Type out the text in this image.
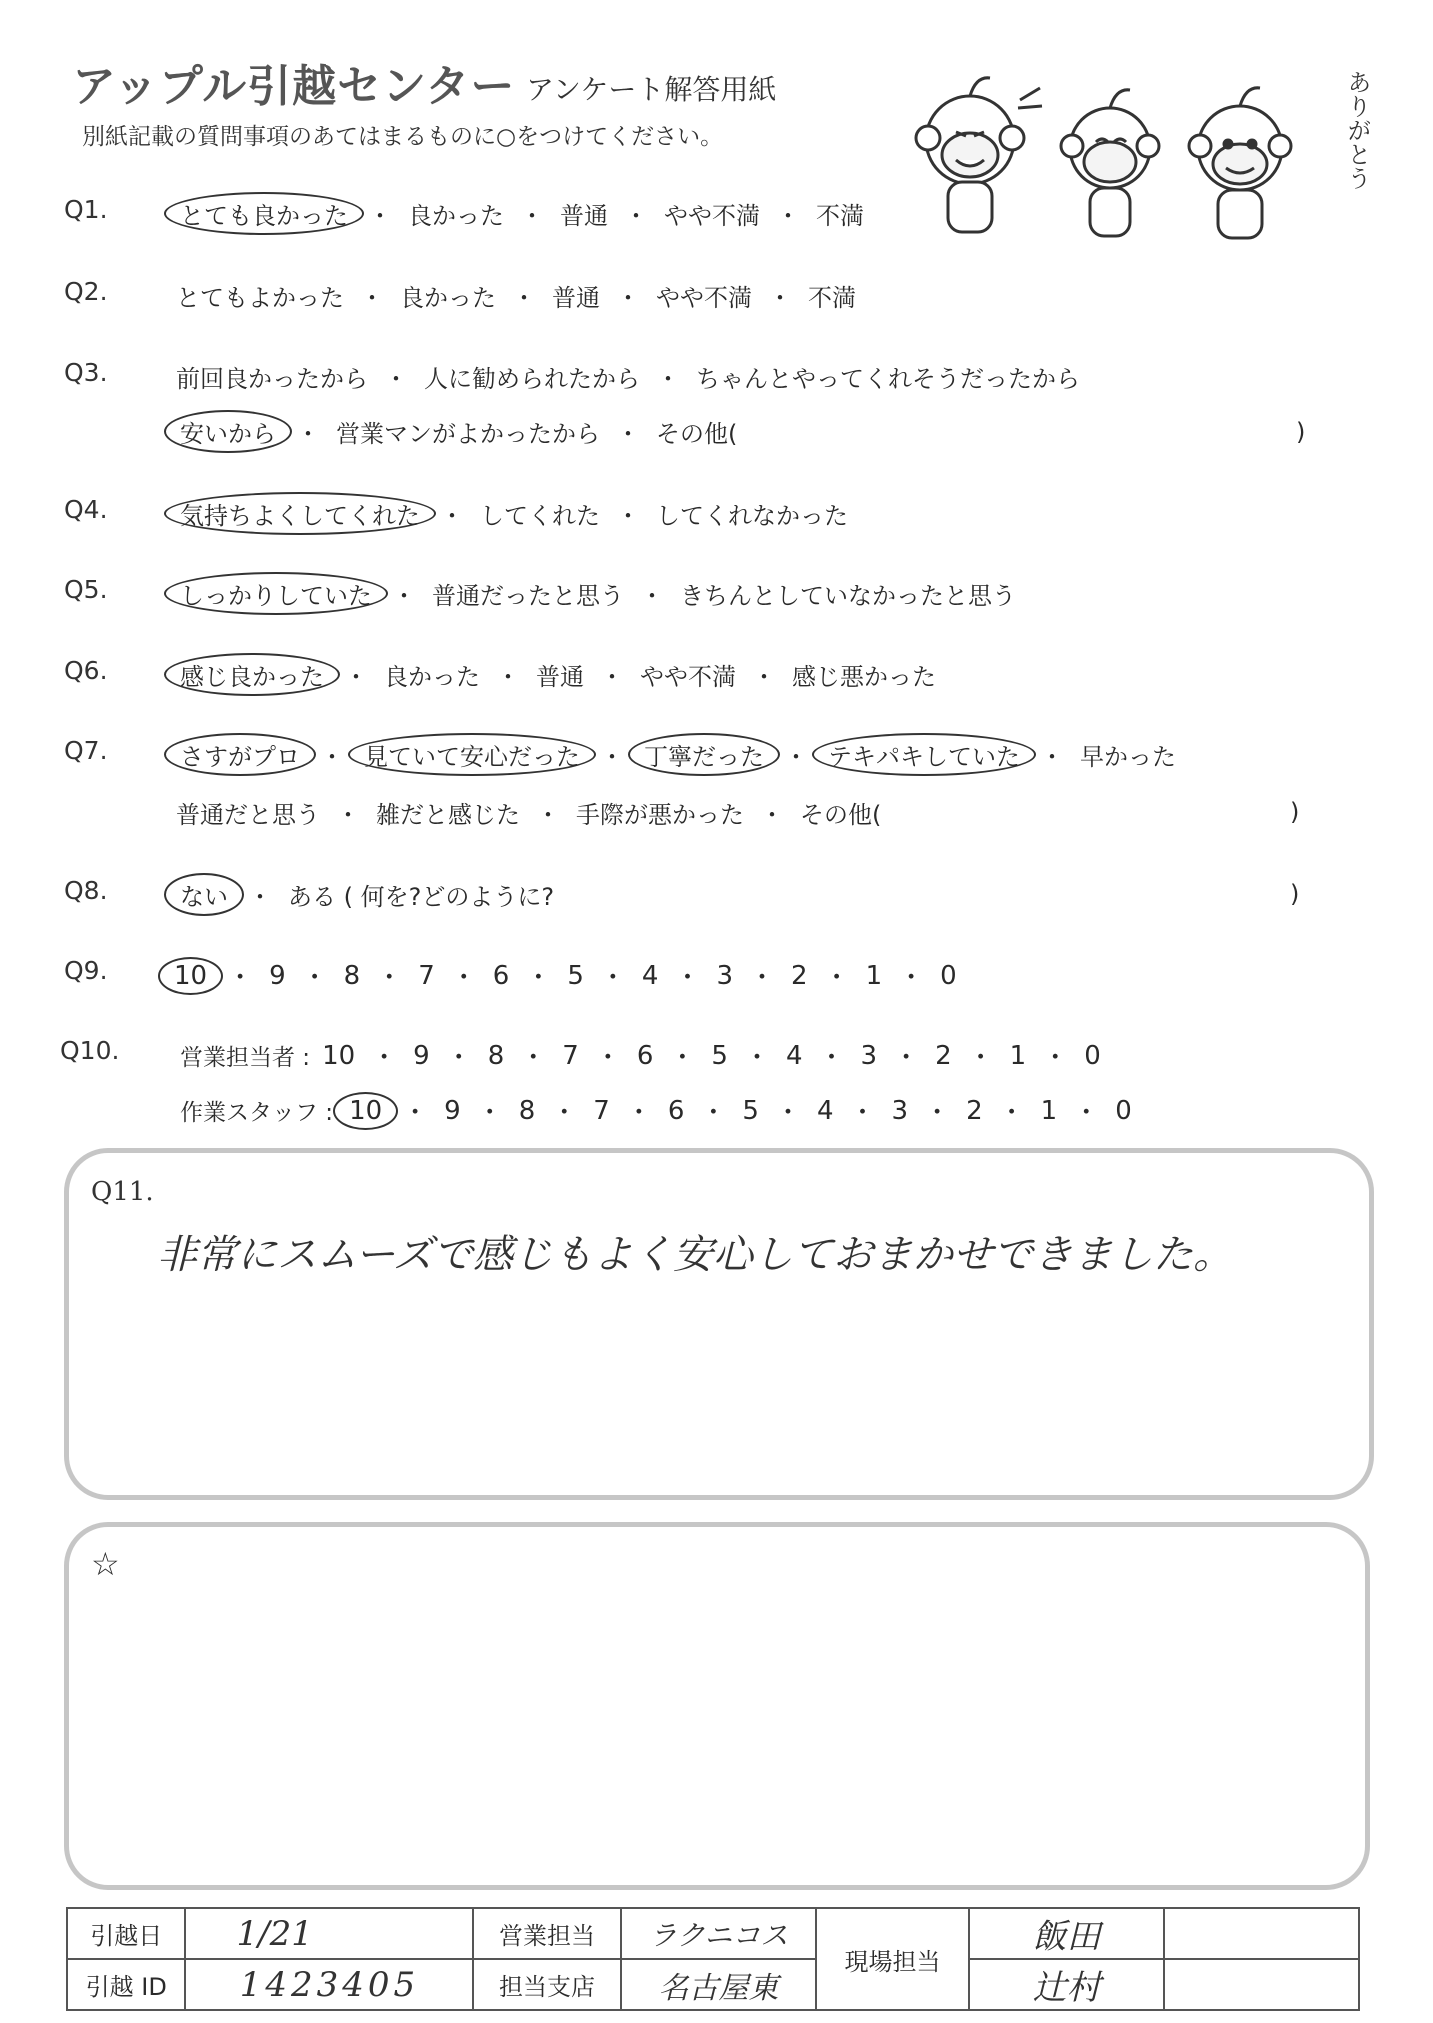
アップル引越センター アンケート解答用紙
別紙記載の質問事項のあてはまるものに○をつけてください。	ありがとう
Q1.	とても良かった ・ 良かった ・ 普通 ・ やや不満 ・ 不満
Q2.	とてもよかった ・ 良かった ・ 普通 ・ やや不満 ・ 不満
Q3.	前回良かったから ・ 人に勧められたから ・ ちゃんとやってくれそうだったから
安いから ・ 営業マンがよかったから ・ その他(	)
Q4.	気持ちよくしてくれた ・ してくれた ・ してくれなかった
Q5.	しっかりしていた ・ 普通だったと思う ・ きちんとしていなかったと思う
Q6.	感じ良かった ・ 良かった ・ 普通 ・ やや不満 ・ 感じ悪かった
Q7.	さすがプロ ・ 見ていて安心だった ・ 丁寧だった ・ テキパキしていた ・ 早かった
普通だと思う ・ 雑だと感じた ・ 手際が悪かった ・ その他(	)
Q8.	ない ・ ある ( 何を?どのように?	)
Q9.	10 ・ 9 ・ 8 ・ 7 ・ 6 ・ 5 ・ 4 ・ 3 ・ 2 ・ 1 ・ 0
Q10.	営業担当者 : 10 ・ 9 ・ 8 ・ 7 ・ 6 ・ 5 ・ 4 ・ 3 ・ 2 ・ 1 ・ 0
作業スタッフ : 10 ・ 9 ・ 8 ・ 7 ・ 6 ・ 5 ・ 4 ・ 3 ・ 2 ・ 1 ・ 0
Q11.
非常にスムーズで感じもよく安心しておまかせできました。
☆
引越日	1/21	営業担当	ラクニコス	現場担当	飯田	
引越 ID	1423405	担当支店	名古屋東		辻村	
